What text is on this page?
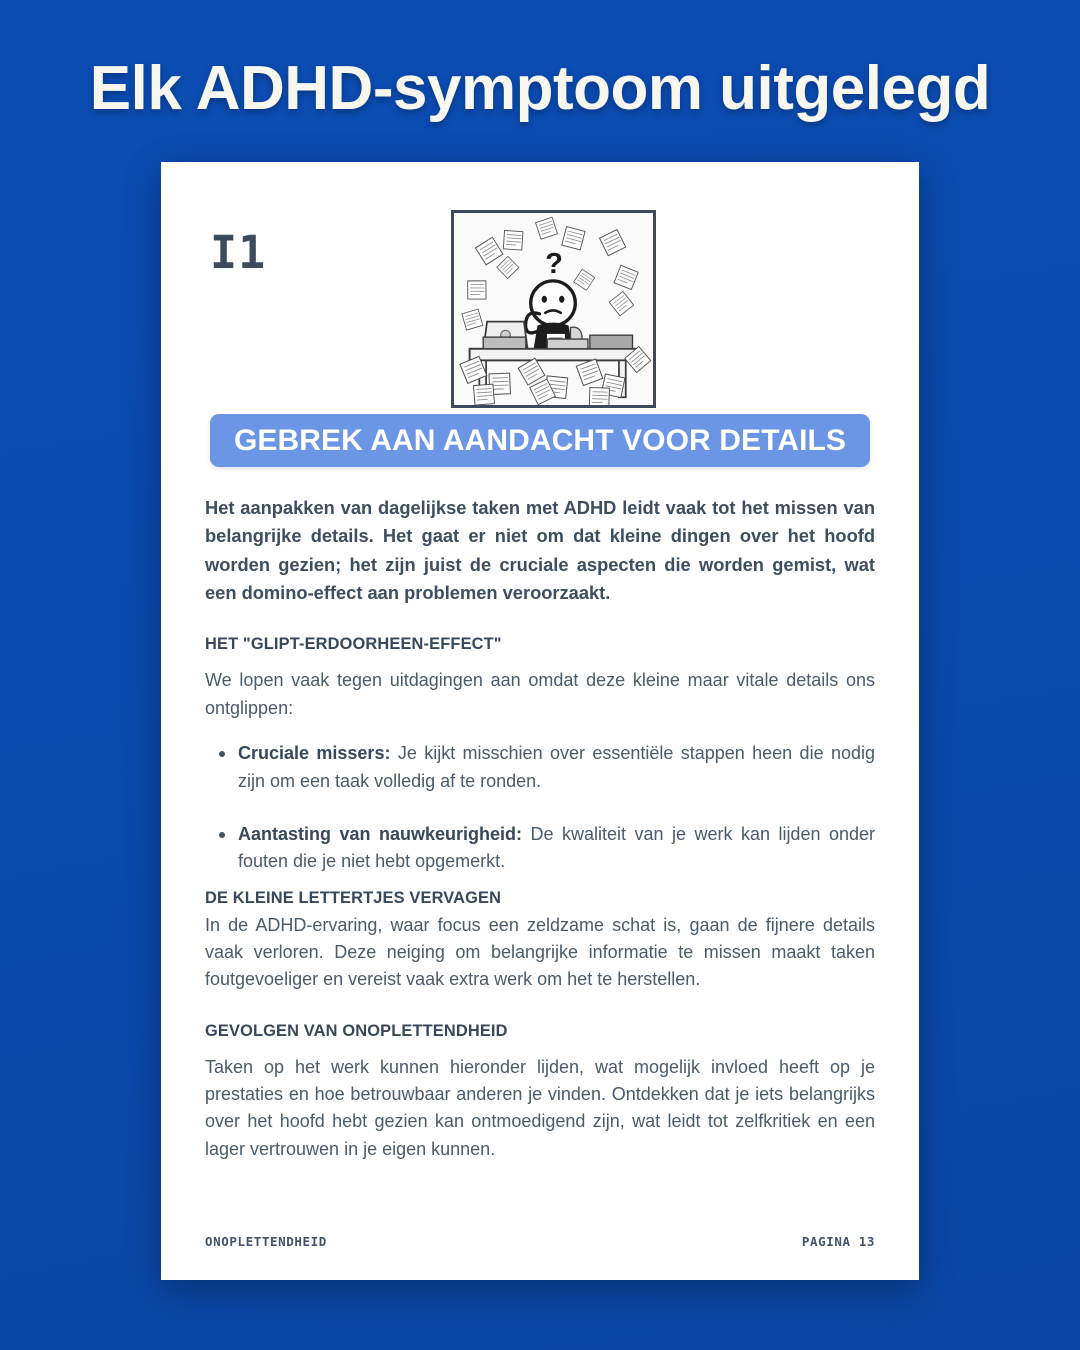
Elk ADHD-symptoom uitgelegd
I1	?
GEBREK AAN AANDACHT VOOR DETAILS

Het aanpakken van dagelijkse taken met ADHD leidt vaak tot het missen van belangrijke details. Het gaat er niet om dat kleine dingen over het hoofd worden gezien; het zijn juist de cruciale aspecten die worden gemist, wat een domino-effect aan problemen veroorzaakt.

HET "GLIPT-ERDOORHEEN-EFFECT"

We lopen vaak tegen uitdagingen aan omdat deze kleine maar vitale details ons ontglippen:

Cruciale missers: Je kijkt misschien over essentiële stappen heen die nodig zijn om een taak volledig af te ronden.
Aantasting van nauwkeurigheid: De kwaliteit van je werk kan lijden onder fouten die je niet hebt opgemerkt.
DE KLEINE LETTERTJES VERVAGEN

In de ADHD-ervaring, waar focus een zeldzame schat is, gaan de fijnere details vaak verloren. Deze neiging om belangrijke informatie te missen maakt taken foutgevoeliger en vereist vaak extra werk om het te herstellen.

GEVOLGEN VAN ONOPLETTENDHEID

Taken op het werk kunnen hieronder lijden, wat mogelijk invloed heeft op je prestaties en hoe betrouwbaar anderen je vinden. Ontdekken dat je iets belangrijks over het hoofd hebt gezien kan ontmoedigend zijn, wat leidt tot zelfkritiek en een lager vertrouwen in je eigen kunnen.

ONOPLETTENDHEID	PAGINA 13
